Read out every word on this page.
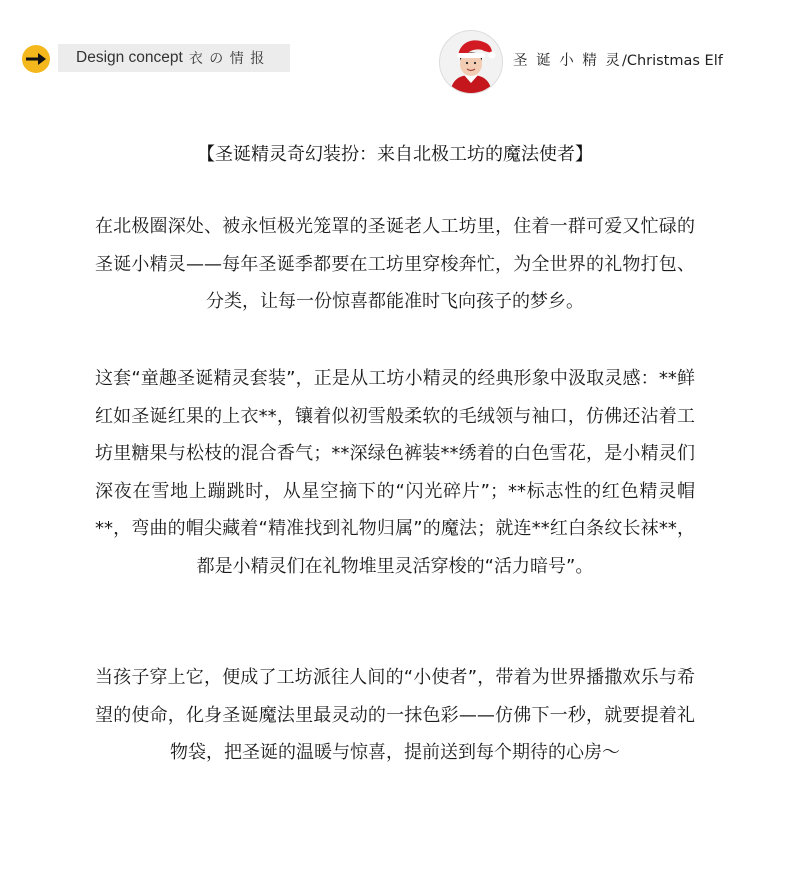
Design concept 衣 の 情 报	圣 诞 小 精 灵/Christmas Elf
【圣诞精灵奇幻装扮：来自北极工坊的魔法使者】
在北极圈深处、被永恒极光笼罩的圣诞老人工坊里，住着一群可爱又忙碌的圣诞小精灵——每年圣诞季都要在工坊里穿梭奔忙，为全世界的礼物打包、分类，让每一份惊喜都能准时飞向孩子的梦乡。
这套“童趣圣诞精灵套装”，正是从工坊小精灵的经典形象中汲取灵感：**鲜红如圣诞红果的上衣**，镶着似初雪般柔软的毛绒领与袖口，仿佛还沾着工坊里糖果与松枝的混合香气；**深绿色裤装**绣着的白色雪花，是小精灵们深夜在雪地上蹦跳时，从星空摘下的“闪光碎片”；**标志性的红色精灵帽**，弯曲的帽尖藏着“精准找到礼物归属”的魔法；就连**红白条纹长袜**，都是小精灵们在礼物堆里灵活穿梭的“活力暗号”。
当孩子穿上它，便成了工坊派往人间的“小使者”，带着为世界播撒欢乐与希望的使命，化身圣诞魔法里最灵动的一抹色彩——仿佛下一秒，就要提着礼物袋，把圣诞的温暖与惊喜，提前送到每个期待的心房～
